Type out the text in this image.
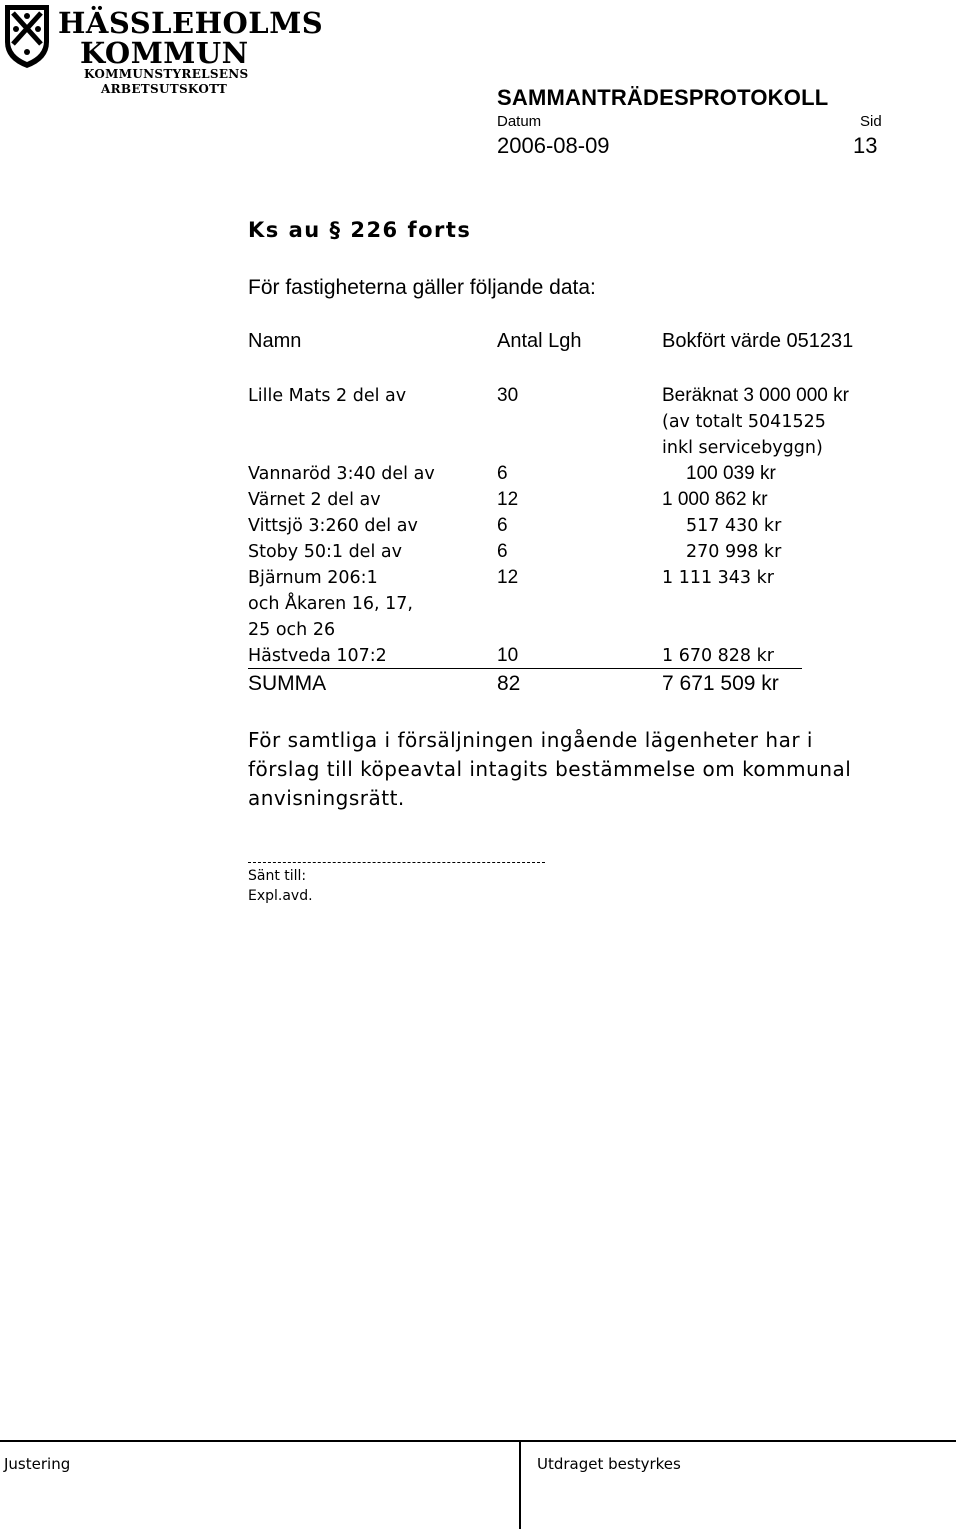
HÄSSLEHOLMS
KOMMUN
KOMMUNSTYRELSENS
ARBETSUTSKOTT	SAMMANTRÄDESPROTOKOLL
Datum	Sid
2006-08-09	13
Ks au § 226 forts
För fastigheterna gäller följande data:
Namn	Antal Lgh	Bokfört värde 051231
Lille Mats 2 del av	30	Beräknat 3 000 000 kr
(av totalt 5041525
inkl servicebyggn)
Vannaröd 3:40 del av	6	100 039 kr
Värnet 2 del av	12	1 000 862 kr
Vittsjö 3:260 del av	6	517 430 kr
Stoby 50:1 del av	6	270 998 kr
Bjärnum 206:1	12	1 111 343 kr
och Åkaren 16, 17,
25 och 26
Hästveda 107:2	10	1 670 828 kr
SUMMA	82	7 671 509 kr
För samtliga i försäljningen ingående lägenheter har i
förslag till köpeavtal intagits bestämmelse om kommunal
anvisningsrätt.
Sänt till:
Expl.avd.
Justering	Utdraget bestyrkes
